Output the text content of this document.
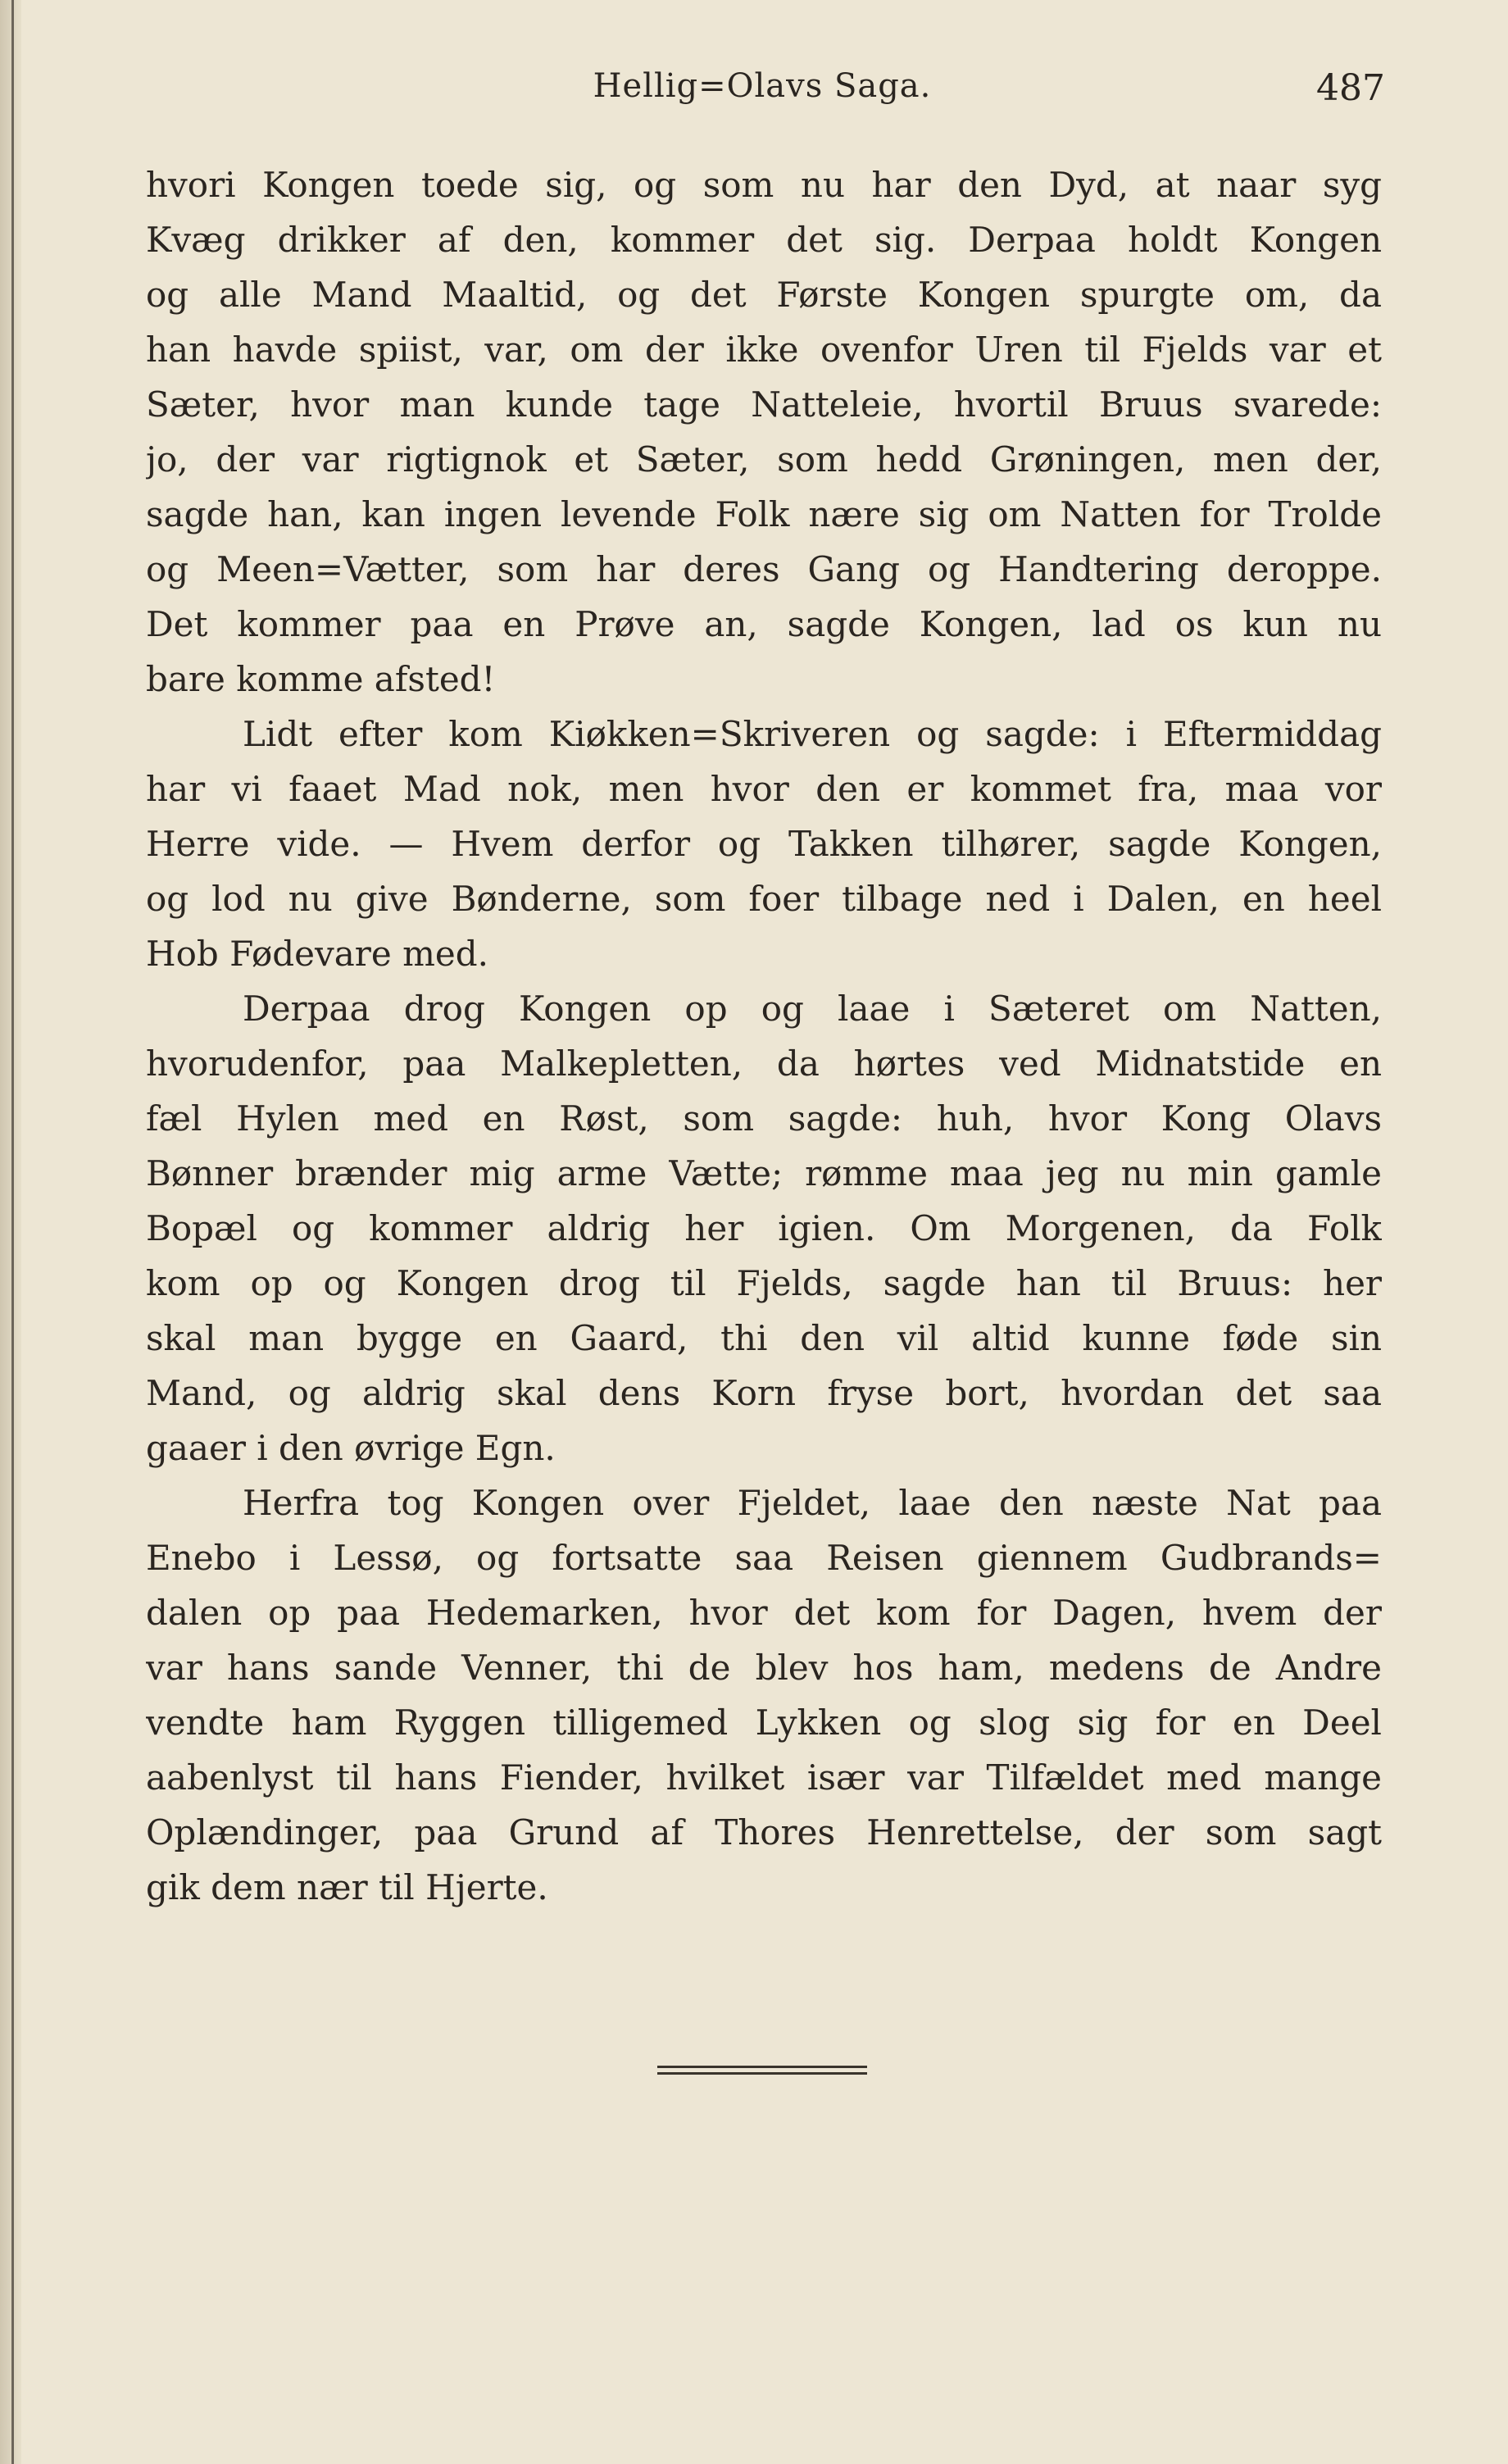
Hellig=Olavs Saga.	487
hvori Kongen toede sig, og som nu har den Dyd, at naar syg
Kvæg drikker af den, kommer det sig. Derpaa holdt Kongen
og alle Mand Maaltid, og det Første Kongen spurgte om, da
han havde spiist, var, om der ikke ovenfor Uren til Fjelds var et
Sæter, hvor man kunde tage Natteleie, hvortil Bruus svarede:
jo, der var rigtignok et Sæter, som hedd Grøningen, men der,
sagde han, kan ingen levende Folk nære sig om Natten for Trolde
og Meen=Vætter, som har deres Gang og Handtering deroppe.
Det kommer paa en Prøve an, sagde Kongen, lad os kun nu
bare komme afsted!
Lidt efter kom Kiøkken=Skriveren og sagde: i Eftermiddag
har vi faaet Mad nok, men hvor den er kommet fra, maa vor
Herre vide. — Hvem derfor og Takken tilhører, sagde Kongen,
og lod nu give Bønderne, som foer tilbage ned i Dalen, en heel
Hob Fødevare med.
Derpaa drog Kongen op og laae i Sæteret om Natten,
hvorudenfor, paa Malkepletten, da hørtes ved Midnatstide en
fæl Hylen med en Røst, som sagde: huh, hvor Kong Olavs
Bønner brænder mig arme Vætte; rømme maa jeg nu min gamle
Bopæl og kommer aldrig her igien. Om Morgenen, da Folk
kom op og Kongen drog til Fjelds, sagde han til Bruus: her
skal man bygge en Gaard, thi den vil altid kunne føde sin
Mand, og aldrig skal dens Korn frysе bort, hvordan det saa
gaaer i den øvrige Egn.
Herfra tog Kongen over Fjeldet, laae den næste Nat paa
Enebo i Lessø, og fortsatte saa Reisen giennem Gudbrands=
dalen op paa Hedemarken, hvor det kom for Dagen, hvem der
var hans sande Venner, thi de blev hos ham, medens de Andre
vendte ham Ryggen tilligemed Lykken og slog sig for en Deel
aabenlyst til hans Fiender, hvilket især var Tilfældet med mange
Oplændinger, paa Grund af Thores Henrettelse, der som sagt
gik dem nær til Hjerte.
